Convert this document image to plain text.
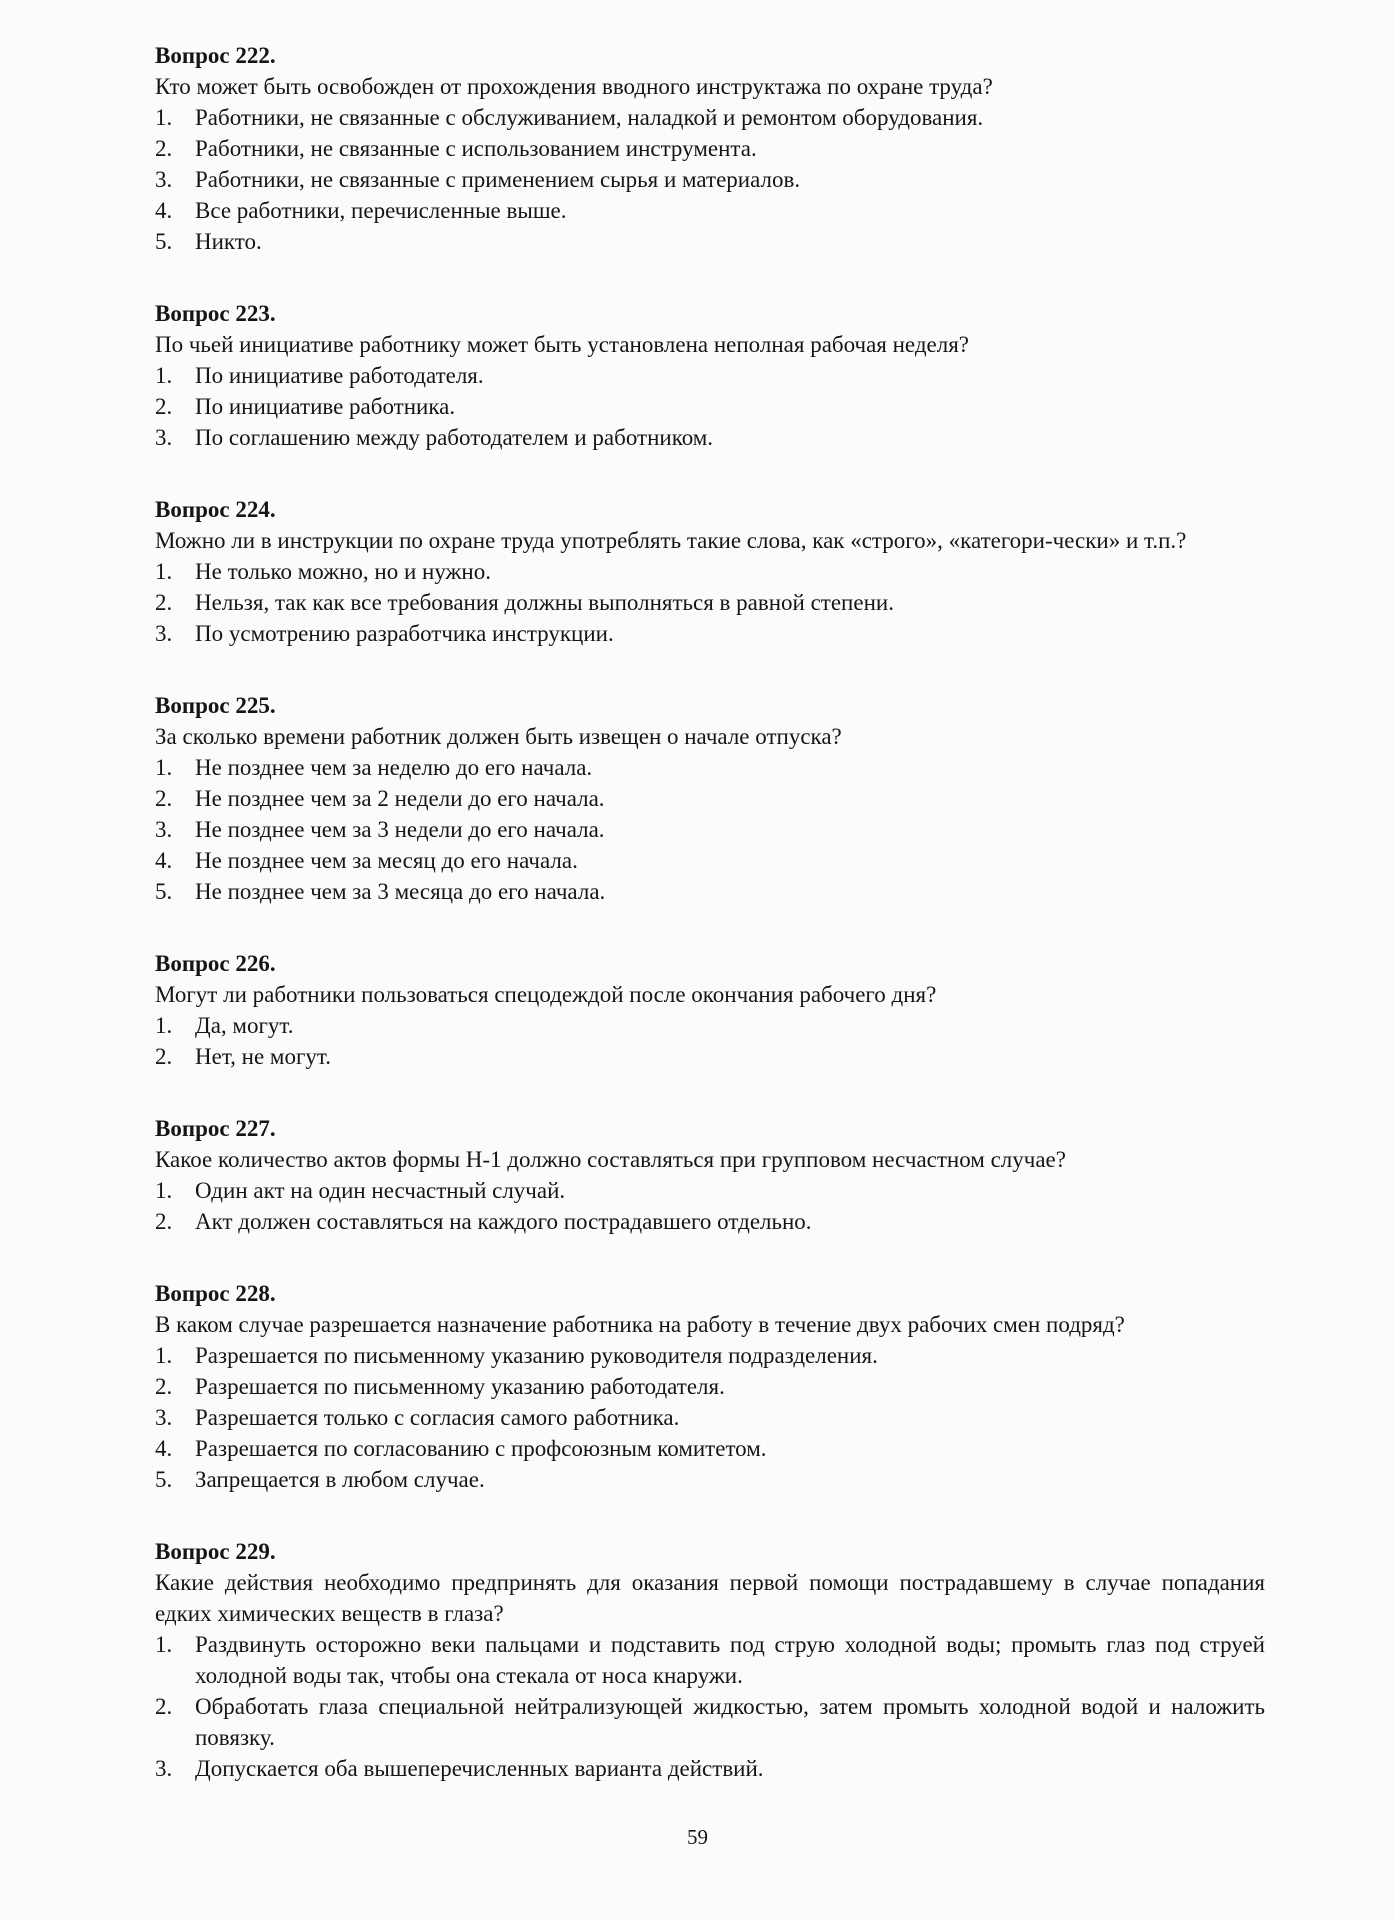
Вопрос 222.

Кто может быть освобожден от прохождения вводного инструктажа по охране труда?

1. Работники, не связанные с обслуживанием, наладкой и ремонтом оборудования.
2. Работники, не связанные с использованием инструмента.
3. Работники, не связанные с применением сырья и материалов.
4. Все работники, перечисленные выше.
5. Никто.

Вопрос 223.

По чьей инициативе работнику может быть установлена неполная рабочая неделя?

1. По инициативе работодателя.
2. По инициативе работника.
3. По соглашению между работодателем и работником.

Вопрос 224.

Можно ли в инструкции по охране труда употреблять такие слова, как «строго», «категори-чески» и т.п.?

1. Не только можно, но и нужно.
2. Нельзя, так как все требования должны выполняться в равной степени.
3. По усмотрению разработчика инструкции.

Вопрос 225.

За сколько времени работник должен быть извещен о начале отпуска?

1. Не позднее чем за неделю до его начала.
2. Не позднее чем за 2 недели до его начала.
3. Не позднее чем за 3 недели до его начала.
4. Не позднее чем за месяц до его начала.
5. Не позднее чем за 3 месяца до его начала.

Вопрос 226.

Могут ли работники пользоваться спецодеждой после окончания рабочего дня?

1. Да, могут.
2. Нет, не могут.

Вопрос 227.

Какое количество актов формы Н-1 должно составляться при групповом несчастном случае?

1. Один акт на один несчастный случай.
2. Акт должен составляться на каждого пострадавшего отдельно.

Вопрос 228.

В каком случае разрешается назначение работника на работу в течение двух рабочих смен подряд?

1. Разрешается по письменному указанию руководителя подразделения.
2. Разрешается по письменному указанию работодателя.
3. Разрешается только с согласия самого работника.
4. Разрешается по согласованию с профсоюзным комитетом.
5. Запрещается в любом случае.

Вопрос 229.

Какие действия необходимо предпринять для оказания первой помощи пострадавшему в случае попадания едких химических веществ в глаза?

1. Раздвинуть осторожно веки пальцами и подставить под струю холодной воды; промыть глаз под струей холодной воды так, чтобы она стекала от носа кнаружи.
2. Обработать глаза специальной нейтрализующей жидкостью, затем промыть холодной водой и наложить повязку.
3. Допускается оба вышеперечисленных варианта действий.
59
